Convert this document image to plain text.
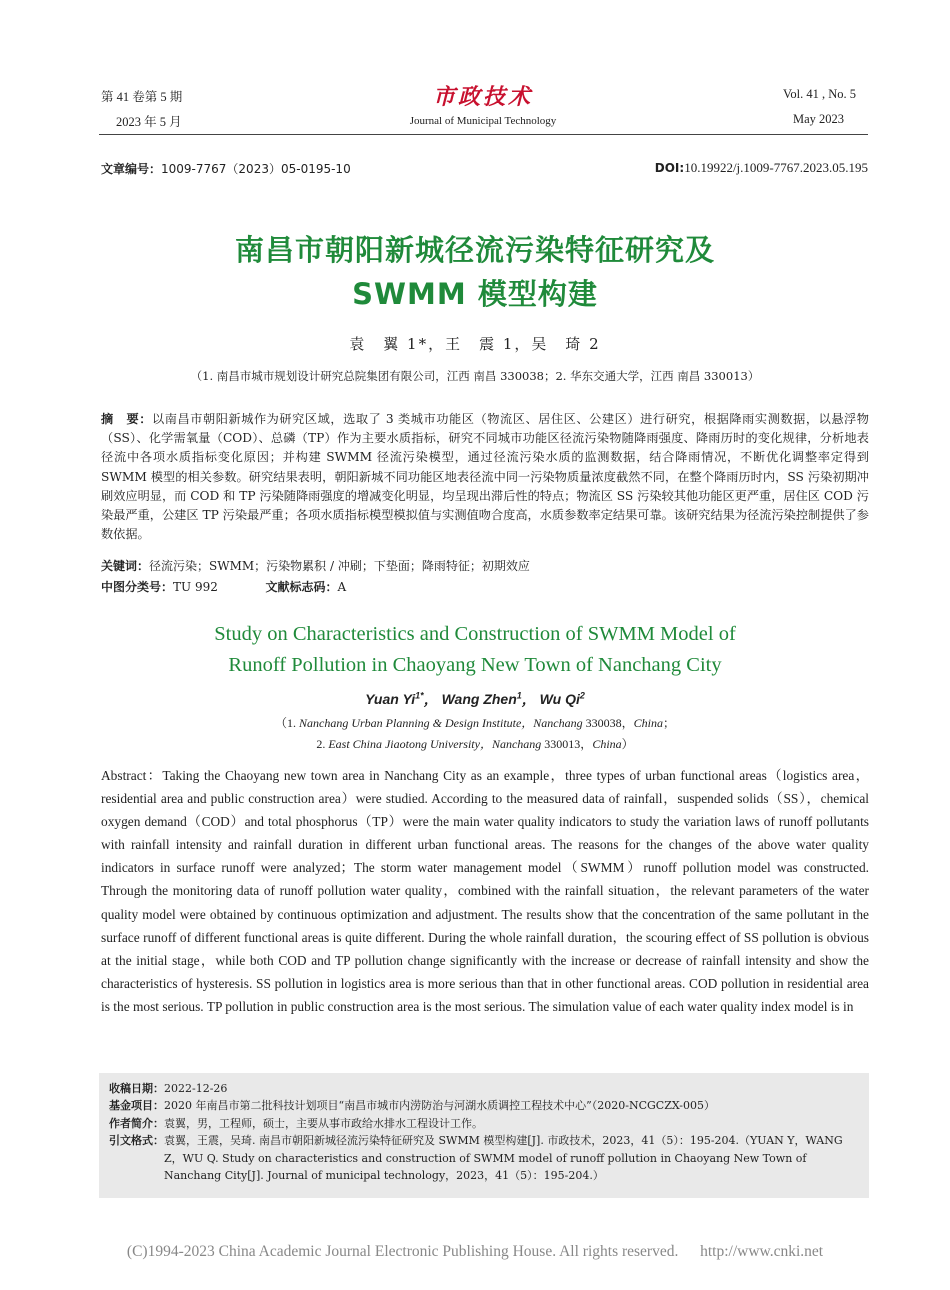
第 41 卷第 5 期
2023 年 5 月
市政技术
Journal of Municipal Technology
Vol. 41 , No. 5
May 2023
文章编号：1009-7767（2023）05-0195-10	DOI:10.19922/j.1009-7767.2023.05.195
南昌市朝阳新城径流污染特征研究及
SWMM 模型构建
袁　翼 1*，王　震 1，吴　琦 2
（1. 南昌市城市规划设计研究总院集团有限公司，江西 南昌 330038；2. 华东交通大学，江西 南昌 330013）
摘　要：以南昌市朝阳新城作为研究区域，选取了 3 类城市功能区（物流区、居住区、公建区）进行研究，根据降雨实测数据，以悬浮物（SS）、化学需氧量（COD）、总磷（TP）作为主要水质指标，研究不同城市功能区径流污染物随降雨强度、降雨历时的变化规律，分析地表径流中各项水质指标变化原因；并构建 SWMM 径流污染模型，通过径流污染水质的监测数据，结合降雨情况，不断优化调整率定得到 SWMM 模型的相关参数。研究结果表明，朝阳新城不同功能区地表径流中同一污染物质量浓度截然不同，在整个降雨历时内，SS 污染初期冲刷效应明显，而 COD 和 TP 污染随降雨强度的增减变化明显，均呈现出滞后性的特点；物流区 SS 污染较其他功能区更严重，居住区 COD 污染最严重，公建区 TP 污染最严重；各项水质指标模型模拟值与实测值吻合度高，水质参数率定结果可靠。该研究结果为径流污染控制提供了参数依据。
关键词：径流污染；SWMM；污染物累积 / 冲刷；下垫面；降雨特征；初期效应
中图分类号：TU 992	文献标志码：A
Study on Characteristics and Construction of SWMM Model of
Runoff Pollution in Chaoyang New Town of Nanchang City
Yuan $Yi^{1*}$， Wang Zhen$^1$， Wu Qi$^2$
（1. Nanchang Urban Planning & Design Institute，Nanchang 330038，China；
2. East China Jiaotong University，Nanchang 330013，China）
Abstract：Taking the Chaoyang new town area in Nanchang City as an example，three types of urban functional areas（logistics area，residential area and public construction area）were studied. According to the measured data of rainfall，suspended solids（SS），chemical oxygen demand（COD）and total phosphorus（TP）were the main water quality indicators to study the variation laws of runoff pollutants with rainfall intensity and rainfall duration in different urban functional areas. The reasons for the changes of the above water quality indicators in surface runoff were analyzed；The storm water management model（SWMM）runoff pollution model was constructed. Through the monitoring data of runoff pollution water quality，combined with the rainfall situation，the relevant parameters of the water quality model were obtained by continuous optimization and adjustment. The results show that the concentration of the same pollutant in the surface runoff of different functional areas is quite different. During the whole rainfall duration，the scouring effect of SS pollution is obvious at the initial stage，while both COD and TP pollution change significantly with the increase or decrease of rainfall intensity and show the characteristics of hysteresis. SS pollution in logistics area is more serious than that in other functional areas. COD pollution in residential area is the most serious. TP pollution in public construction area is the most serious. The simulation value of each water quality index model is in
收稿日期： 2022-12-26
基金项目： 2020 年南昌市第二批科技计划项目“南昌市城市内涝防治与河湖水质调控工程技术中心”（2020-NCGCZX-005）
作者简介： 袁翼，男，工程师，硕士，主要从事市政给水排水工程设计工作。
引文格式： 袁翼，王震，吴琦. 南昌市朝阳新城径流污染特征研究及 SWMM 模型构建[J]. 市政技术，2023，41（5）：195-204.（YUAN Y，WANG Z，WU Q. Study on characteristics and construction of SWMM model of runoff pollution in Chaoyang New Town of Nanchang City[J]. Journal of municipal technology，2023，41（5）：195-204.）
(C)1994-2023 China Academic Journal Electronic Publishing House. All rights reserved. http://www.cnki.net
